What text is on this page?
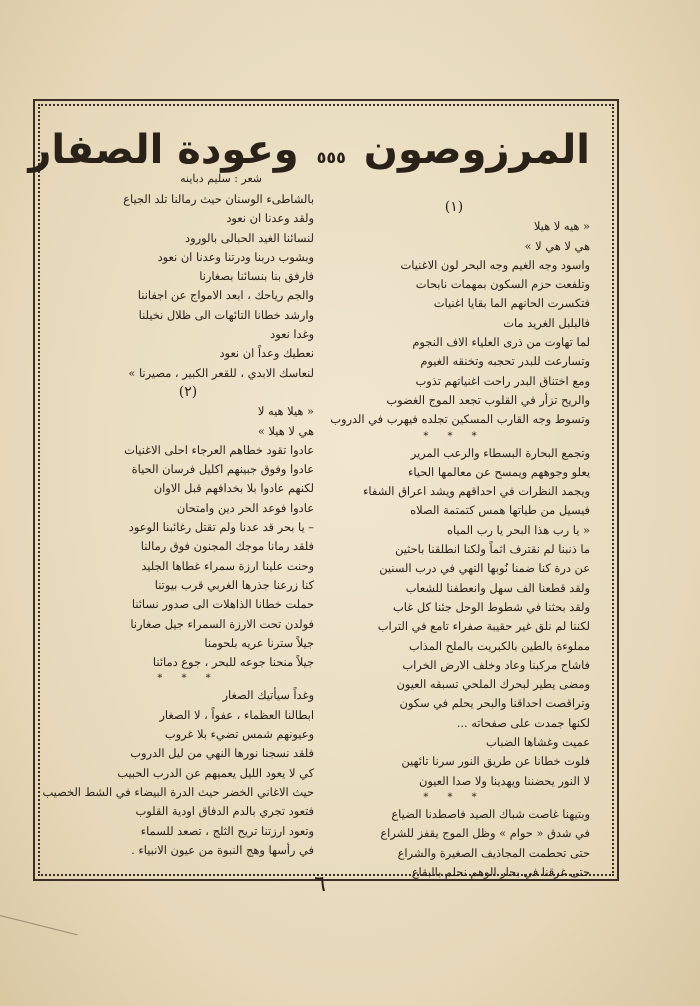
المرزوصون ٥٥٥ وعودة الصفار
شعر : سليم دباينه
(١)
« هيه لا هيلا
هي لا هي لا »
واسود وجه الغيم وجه البحر لون الاغنيات
وتلفعت حزم السكون بمهمات نابحات
فتكسرت الحانهم الما بقايا اغنيات
فالبلبل الغريد مات
لما تهاوت من ذرى العلياء الاف النجوم
وتسارعت للبدر تحجبه وتخنقه الغيوم
ومع اختناق البدر راحت اغنياتهم تذوب
والريح تزأر في القلوب تجعد الموج الغضوب
وتسوط وجه القارب المسكين تجلده فيهرب في الدروب
* * *
وتجمع البحارة البسطاء والرعب المرير
يعلو وجوههم ويمسح عن معالمها الحياء
ويجمد النظرات في احداقهم ويشد اعراق الشفاء
فيسيل من طياتها همس كتمتمة الصلاه
« يا رب هذا البحر يا رب المياه
ما ذنبنا لم نقترف اثماً ولكنا انطلقنا باحثين
عن درة كنا ضمنا نُوبها التهي في درب السنين
ولقد قطعنا الف سهل وانعطفنا للشعاب
ولقد بحثنا في شطوط الوحل جئنا كل غاب
لكننا لم نلق غير حقيبة صفراء تامع في التراب
مملوءة بالطين بالكبريت بالملح المذاب
فاشاح مركبنا وعاد وخلف الارض الخراب
ومضى يطير لبحرك الملحي تسبقه العيون
وتراقصت احداقنا والبحر يحلم في سكون
لكنها جمدت على صفحاته ...
عميت وغشاها الضباب
فلوت خطانا عن طريق النور سرنا تائهين
لا النور يحضننا ويهدينا ولا صدا العيون
* * *
وبتيهنا غاصت شباك الصيد فاصطدنا الضياع
في شدق « حوام » وظل الموج يقفز للشراع
حتى تحطمت المجاذيف الصغيرة والشراع
حتى غرقنا في بحار الوهم نحلم بالبقاع
بالشاطىء الوسنان حيث رمالنا تلد الجياع
ولقد وعدنا ان نعود
لنسائنا الغيد الحبالى بالورود
وبشوب دربنا ودرتنا وعدنا ان نعود
فارفق بنا بنسائنا بصغارنا
والجم رياحك ، ابعد الامواج عن اجفاننا
وارشد خطانا التائهات الى ظلال نخيلنا
وغدا نعود
نعطيك وعداً ان نعود
لنعاسك الابدي ، للقعر الكبير ، مصيرنا »
(٢)
« هيلا هيه لا
هي لا هيلا »
عادوا تقود خطاهم العرجاء احلى الاغنيات
عادوا وفوق جبينهم اكليل فرسان الحياة
لكنهم عادوا بلا بخدافهم قبل الاوان
عادوا فوعد الحر دين وامتحان
– يا بحر قد عدنا ولم تقتل رغائبنا الوعود
فلقد رمانا موجك المجنون فوق رمالنا
وحنت علينا ارزة سمراء غطاها الجليد
كنا زرعنا جذرها الغربي قرب بيوتنا
حملت خطانا الذاهلات الى صدور نسائنا
فولدن تحت الارزة السمراء جيل صغارنا
جيلاً سترنا عريه بلحومنا
جيلاً منحنا جوعه للبحر ، جوع دمائنا
* * *
وغداً سيأتيك الصغار
ابطالنا العظماء ، عفواً ، لا الصغار
وعيونهم شمس تضيء بلا غروب
فلقد نسجنا نورها النهي من ليل الدروب
كي لا يعود الليل يعميهم عن الدرب الحبيب
حيث الاغاني الخضر حيث الدرة البيضاء في الشط الخصيب
فتعود تجري بالدم الدفاق اودية القلوب
وتعود ارزتنا تريح الثلج ، تصعد للسماء
في رأسها وهج النبوة من عيون الانبياء .
٦
